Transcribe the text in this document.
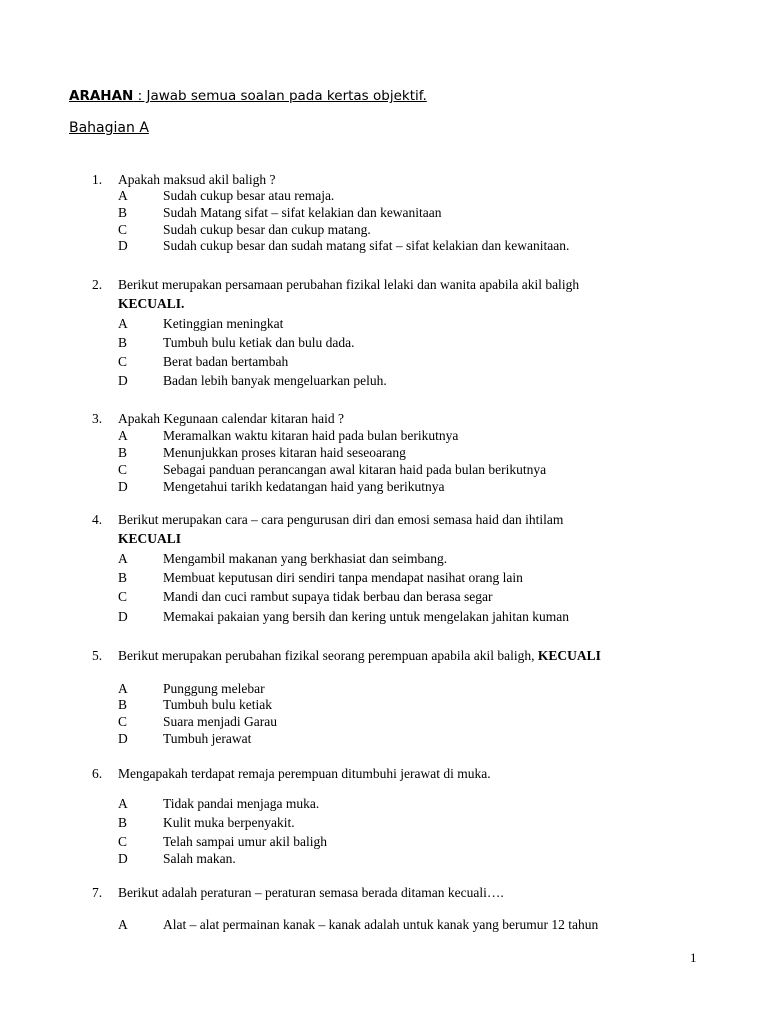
ARAHAN : Jawab semua soalan pada kertas objektif.
Bahagian A
1. Apakah maksud akil baligh ?
A	Sudah cukup besar atau remaja.
B	Sudah Matang sifat – sifat kelakian dan kewanitaan
C	Sudah cukup besar dan cukup matang.
D	Sudah cukup besar dan sudah matang sifat – sifat kelakian dan kewanitaan.
2. Berikut merupakan persamaan perubahan fizikal lelaki dan wanita apabila akil baligh
KECUALI.
A	Ketinggian meningkat
B	Tumbuh bulu ketiak dan bulu dada.
C	Berat badan bertambah
D	Badan lebih banyak mengeluarkan peluh.
3. Apakah Kegunaan calendar kitaran haid ?
A	Meramalkan waktu kitaran haid pada bulan berikutnya
B	Menunjukkan proses kitaran haid seseoarang
C	Sebagai panduan perancangan awal kitaran haid pada bulan berikutnya
D	Mengetahui tarikh kedatangan haid yang berikutnya
4. Berikut merupakan cara – cara pengurusan diri dan emosi semasa haid dan ihtilam
KECUALI
A	Mengambil makanan yang berkhasiat dan seimbang.
B	Membuat keputusan diri sendiri tanpa mendapat nasihat orang lain
C	Mandi dan cuci rambut supaya tidak berbau dan berasa segar
D	Memakai pakaian yang bersih dan kering untuk mengelakan jahitan kuman
5. Berikut merupakan perubahan fizikal seorang perempuan apabila akil baligh, KECUALI
A	Punggung melebar
B	Tumbuh bulu ketiak
C	Suara menjadi Garau
D	Tumbuh jerawat
6. Mengapakah terdapat remaja perempuan ditumbuhi jerawat di muka.
A	Tidak pandai menjaga muka.
B	Kulit muka berpenyakit.
C	Telah sampai umur akil baligh
D	Salah makan.
7. Berikut adalah peraturan – peraturan semasa berada ditaman kecuali….
A	Alat – alat permainan kanak – kanak adalah untuk kanak yang berumur 12 tahun
1
